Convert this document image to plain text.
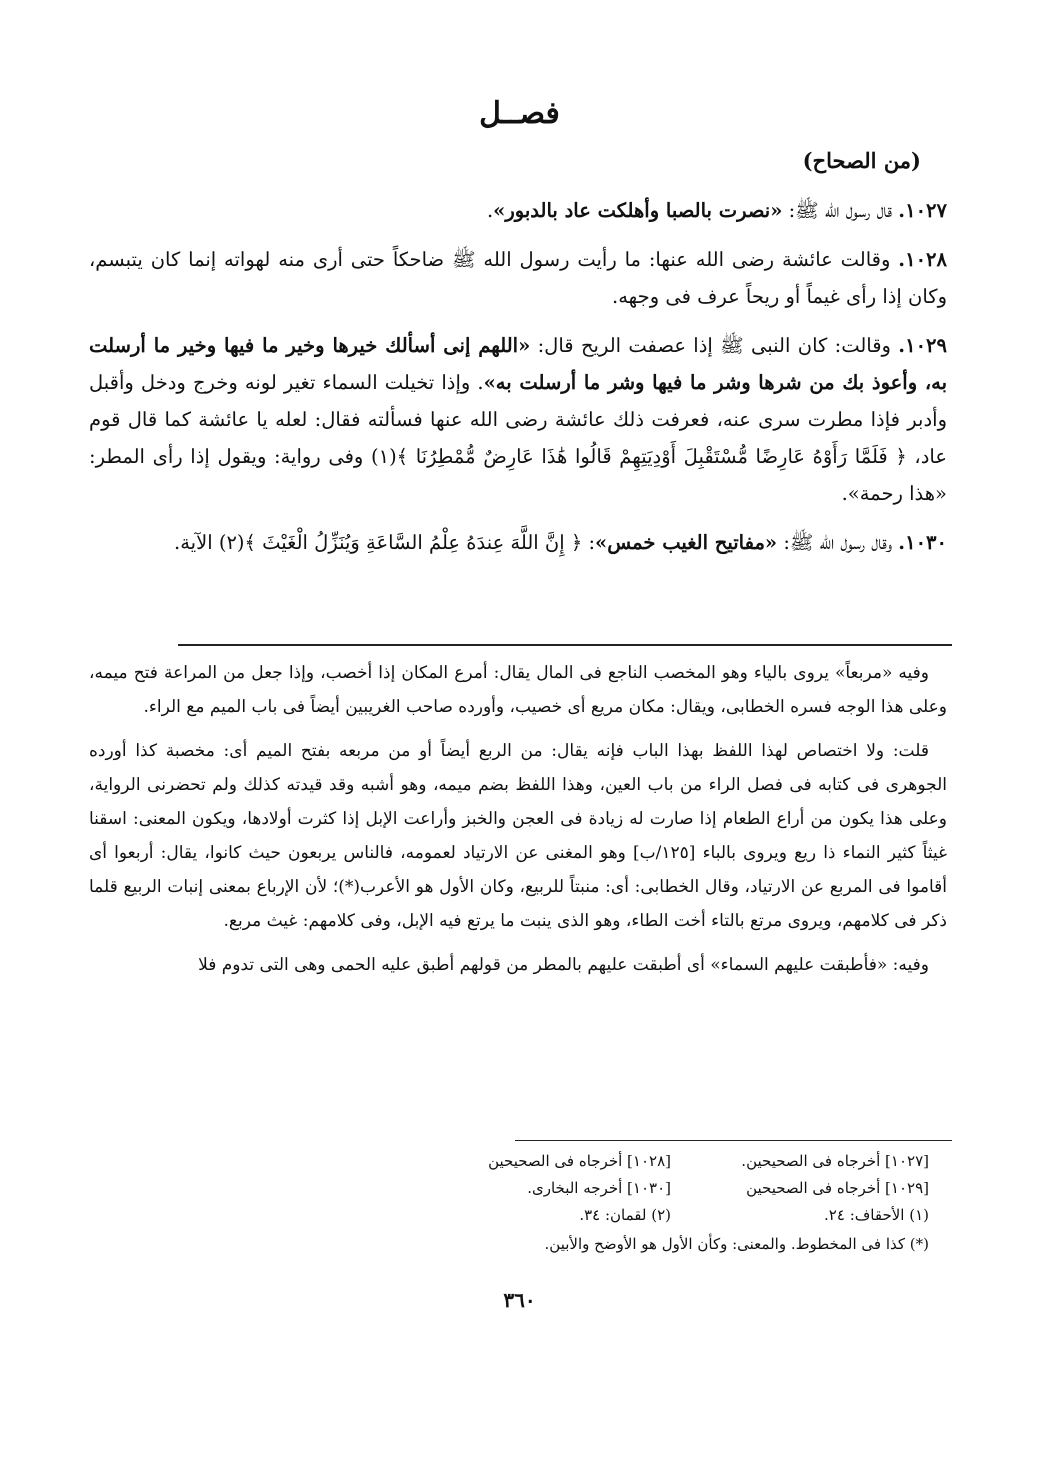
فصــل
(من الصحاح)

١٠٢٧. قال رسول الله ﷺ: «نصرت بالصبا وأهلكت عاد بالدبور».

١٠٢٨. وقالت عائشة رضى الله عنها: ما رأيت رسول الله ﷺ ضاحكاً حتى أرى منه لهواته إنما كان يتبسم، وكان إذا رأى غيماً أو ريحاً عرف فى وجهه.

١٠٢٩. وقالت: كان النبى ﷺ إذا عصفت الريح قال: «اللهم إنى أسألك خيرها وخير ما فيها وخير ما أرسلت به، وأعوذ بك من شرها وشر ما فيها وشر ما أرسلت به». وإذا تخيلت السماء تغير لونه وخرج ودخل وأقبل وأدبر فإذا مطرت سرى عنه، فعرفت ذلك عائشة رضى الله عنها فسألته فقال: لعله يا عائشة كما قال قوم عاد، ﴿ فَلَمَّا رَأَوْهُ عَارِضًا مُّسْتَقْبِلَ أَوْدِيَتِهِمْ قَالُوا هَٰذَا عَارِضٌ مُّمْطِرُنَا ﴾(١) وفى رواية: ويقول إذا رأى المطر: «هذا رحمة».

١٠٣٠. وقال رسول الله ﷺ: «مفاتيح الغيب خمس»: ﴿ إِنَّ اللَّهَ عِندَهُ عِلْمُ السَّاعَةِ وَيُنَزِّلُ الْغَيْثَ ﴾(٢) الآية.

وفيه «مربعاً» يروى بالياء وهو المخصب الناجع فى المال يقال: أمرع المكان إذا أخصب، وإذا جعل من المراعة فتح ميمه، وعلى هذا الوجه فسره الخطابى، ويقال: مكان مريع أى خصيب، وأورده صاحب الغريبين أيضاً فى باب الميم مع الراء.

قلت: ولا اختصاص لهذا اللفظ بهذا الباب فإنه يقال: من الربع أيضاً أو من مربعه بفتح الميم أى: مخصبة كذا أورده الجوهرى فى كتابه فى فصل الراء من باب العين، وهذا اللفظ بضم ميمه، وهو أشبه وقد قيدته كذلك ولم تحضرنى الرواية، وعلى هذا يكون من أراع الطعام إذا صارت له زيادة فى العجن والخبز وأراعت الإبل إذا كثرت أولادها، ويكون المعنى: اسقنا غيثاً كثير النماء ذا ريع ويروى بالباء [١٢٥/ب] وهو المغنى عن الارتياد لعمومه، فالناس يربعون حيث كانوا، يقال: أربعوا أى أقاموا فى المربع عن الارتياد، وقال الخطابى: أى: منبتاً للربيع، وكان الأول هو الأعرب(*)؛ لأن الإرباع بمعنى إنبات الربيع قلما ذكر فى كلامهم، ويروى مرتع بالتاء أخت الطاء، وهو الذى ينبت ما يرتع فيه الإبل، وفى كلامهم: غيث مربع.

وفيه: «فأطبقت عليهم السماء» أى أطبقت عليهم بالمطر من قولهم أطبق عليه الحمى وهى التى تدوم فلا

[١٠٢٧] أخرجاه فى الصحيحين.
[١٠٢٨] أخرجاه فى الصحيحين
[١٠٢٩] أخرجاه فى الصحيحين
[١٠٣٠] أخرجه البخارى.
(١) الأحقاف: ٢٤.
(٢) لقمان: ٣٤.
(*) كذا فى المخطوط. والمعنى: وكأن الأول هو الأوضح والأبين.
٣٦٠
